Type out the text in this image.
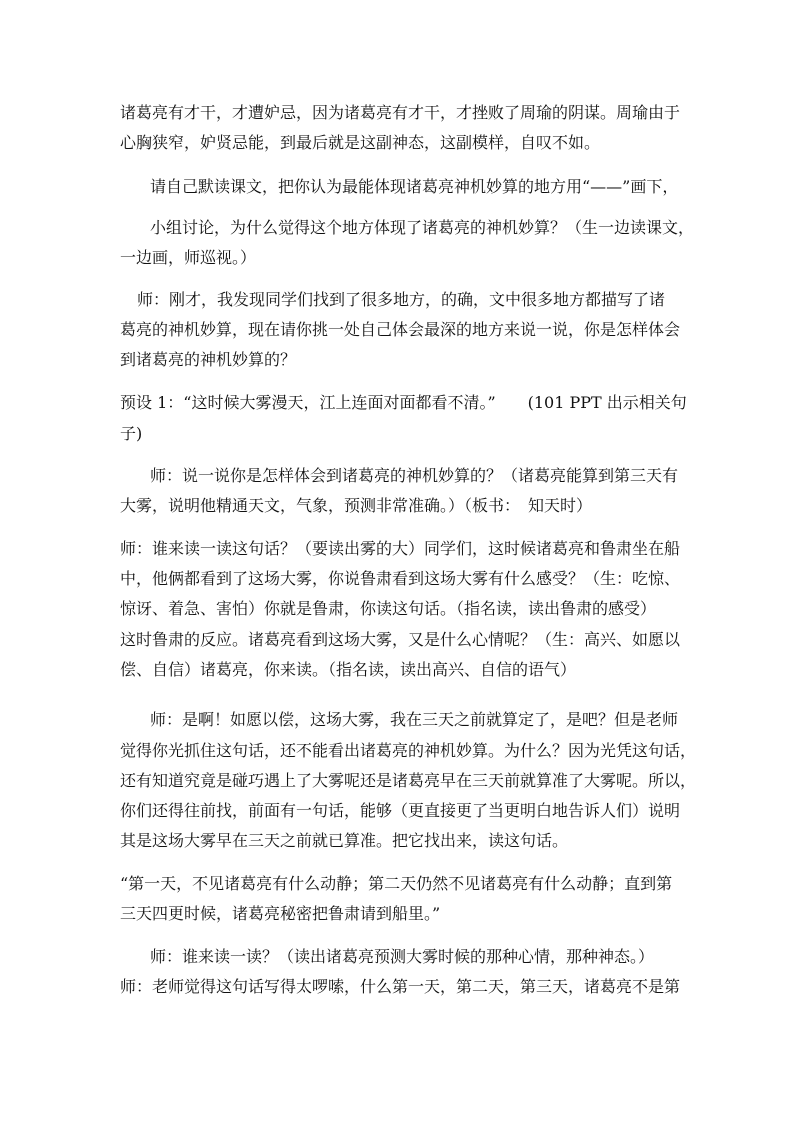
诸葛亮有才干，才遭妒忌，因为诸葛亮有才干，才挫败了周瑜的阴谋。周瑜由于
心胸狭窄，妒贤忌能，到最后就是这副神态，这副模样，自叹不如。
请自己默读课文，把你认为最能体现诸葛亮神机妙算的地方用“——”画下，
小组讨论，为什么觉得这个地方体现了诸葛亮的神机妙算？（生一边读课文，
一边画，师巡视。）
师：刚才，我发现同学们找到了很多地方，的确，文中很多地方都描写了诸
葛亮的神机妙算，现在请你挑一处自己体会最深的地方来说一说，你是怎样体会
到诸葛亮的神机妙算的？
预设 1：“这时候大雾漫天，江上连面对面都看不清。”　　(101 PPT 出示相关句
子)
师：说一说你是怎样体会到诸葛亮的神机妙算的？（诸葛亮能算到第三天有
大雾，说明他精通天文，气象，预测非常准确。）（板书：　知天时）
师：谁来读一读这句话？（要读出雾的大）同学们，这时候诸葛亮和鲁肃坐在船
中，他俩都看到了这场大雾，你说鲁肃看到这场大雾有什么感受？（生：吃惊、
惊讶、着急、害怕）你就是鲁肃，你读这句话。（指名读，读出鲁肃的感受）
这时鲁肃的反应。诸葛亮看到这场大雾，又是什么心情呢？（生：高兴、如愿以
偿、自信）诸葛亮，你来读。（指名读，读出高兴、自信的语气）
师：是啊！如愿以偿，这场大雾，我在三天之前就算定了，是吧？但是老师
觉得你光抓住这句话，还不能看出诸葛亮的神机妙算。为什么？因为光凭这句话，
还有知道究竟是碰巧遇上了大雾呢还是诸葛亮早在三天前就算准了大雾呢。所以，
你们还得往前找，前面有一句话，能够（更直接更了当更明白地告诉人们）说明
其是这场大雾早在三天之前就已算准。把它找出来，读这句话。
“第一天，不见诸葛亮有什么动静；第二天仍然不见诸葛亮有什么动静；直到第
三天四更时候，诸葛亮秘密把鲁肃请到船里。”
师：谁来读一读？（读出诸葛亮预测大雾时候的那种心情，那种神态。）
师：老师觉得这句话写得太啰嗦，什么第一天，第二天，第三天，诸葛亮不是第
